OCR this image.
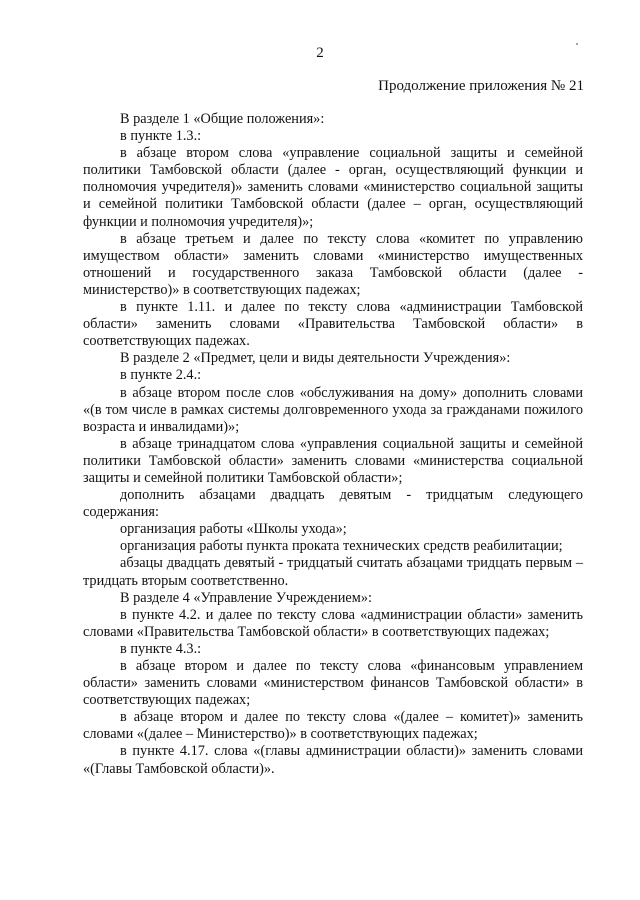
2
Продолжение приложения № 21

В разделе 1 «Общие положения»:

в пункте 1.3.:

в абзаце втором слова «управление социальной защиты и семейной политики Тамбовской области (далее - орган, осуществляющий функции и полномочия учредителя)» заменить словами «министерство социальной защиты и семейной политики Тамбовской области (далее – орган, осуществляющий функции и полномочия учредителя)»;

в абзаце третьем и далее по тексту слова «комитет по управлению имуществом области» заменить словами «министерство имущественных отношений и государственного заказа Тамбовской области (далее - министерство)» в соответствующих падежах;

в пункте 1.11. и далее по тексту слова «администрации Тамбовской области» заменить словами «Правительства Тамбовской области» в соответствующих падежах.

В разделе 2 «Предмет, цели и виды деятельности Учреждения»:

в пункте 2.4.:

в абзаце втором после слов «обслуживания на дому» дополнить словами «(в том числе в рамках системы долговременного ухода за гражданами пожилого возраста и инвалидами)»;

в абзаце тринадцатом слова «управления социальной защиты и семейной политики Тамбовской области» заменить словами «министерства социальной защиты и семейной политики Тамбовской области»;

дополнить абзацами двадцать девятым - тридцатым следующего содержания:

организация работы «Школы ухода»;

организация работы пункта проката технических средств реабилитации;

абзацы двадцать девятый - тридцатый считать абзацами тридцать первым – тридцать вторым соответственно.

В разделе 4 «Управление Учреждением»:

в пункте 4.2. и далее по тексту слова «администрации области» заменить словами «Правительства Тамбовской области» в соответствующих падежах;

в пункте 4.3.:

в абзаце втором и далее по тексту слова «финансовым управлением области» заменить словами «министерством финансов Тамбовской области» в соответствующих падежах;

в абзаце втором и далее по тексту слова «(далее – комитет)» заменить словами «(далее – Министерство)» в соответствующих падежах;

в пункте 4.17. слова «(главы администрации области)» заменить словами «(Главы Тамбовской области)».
